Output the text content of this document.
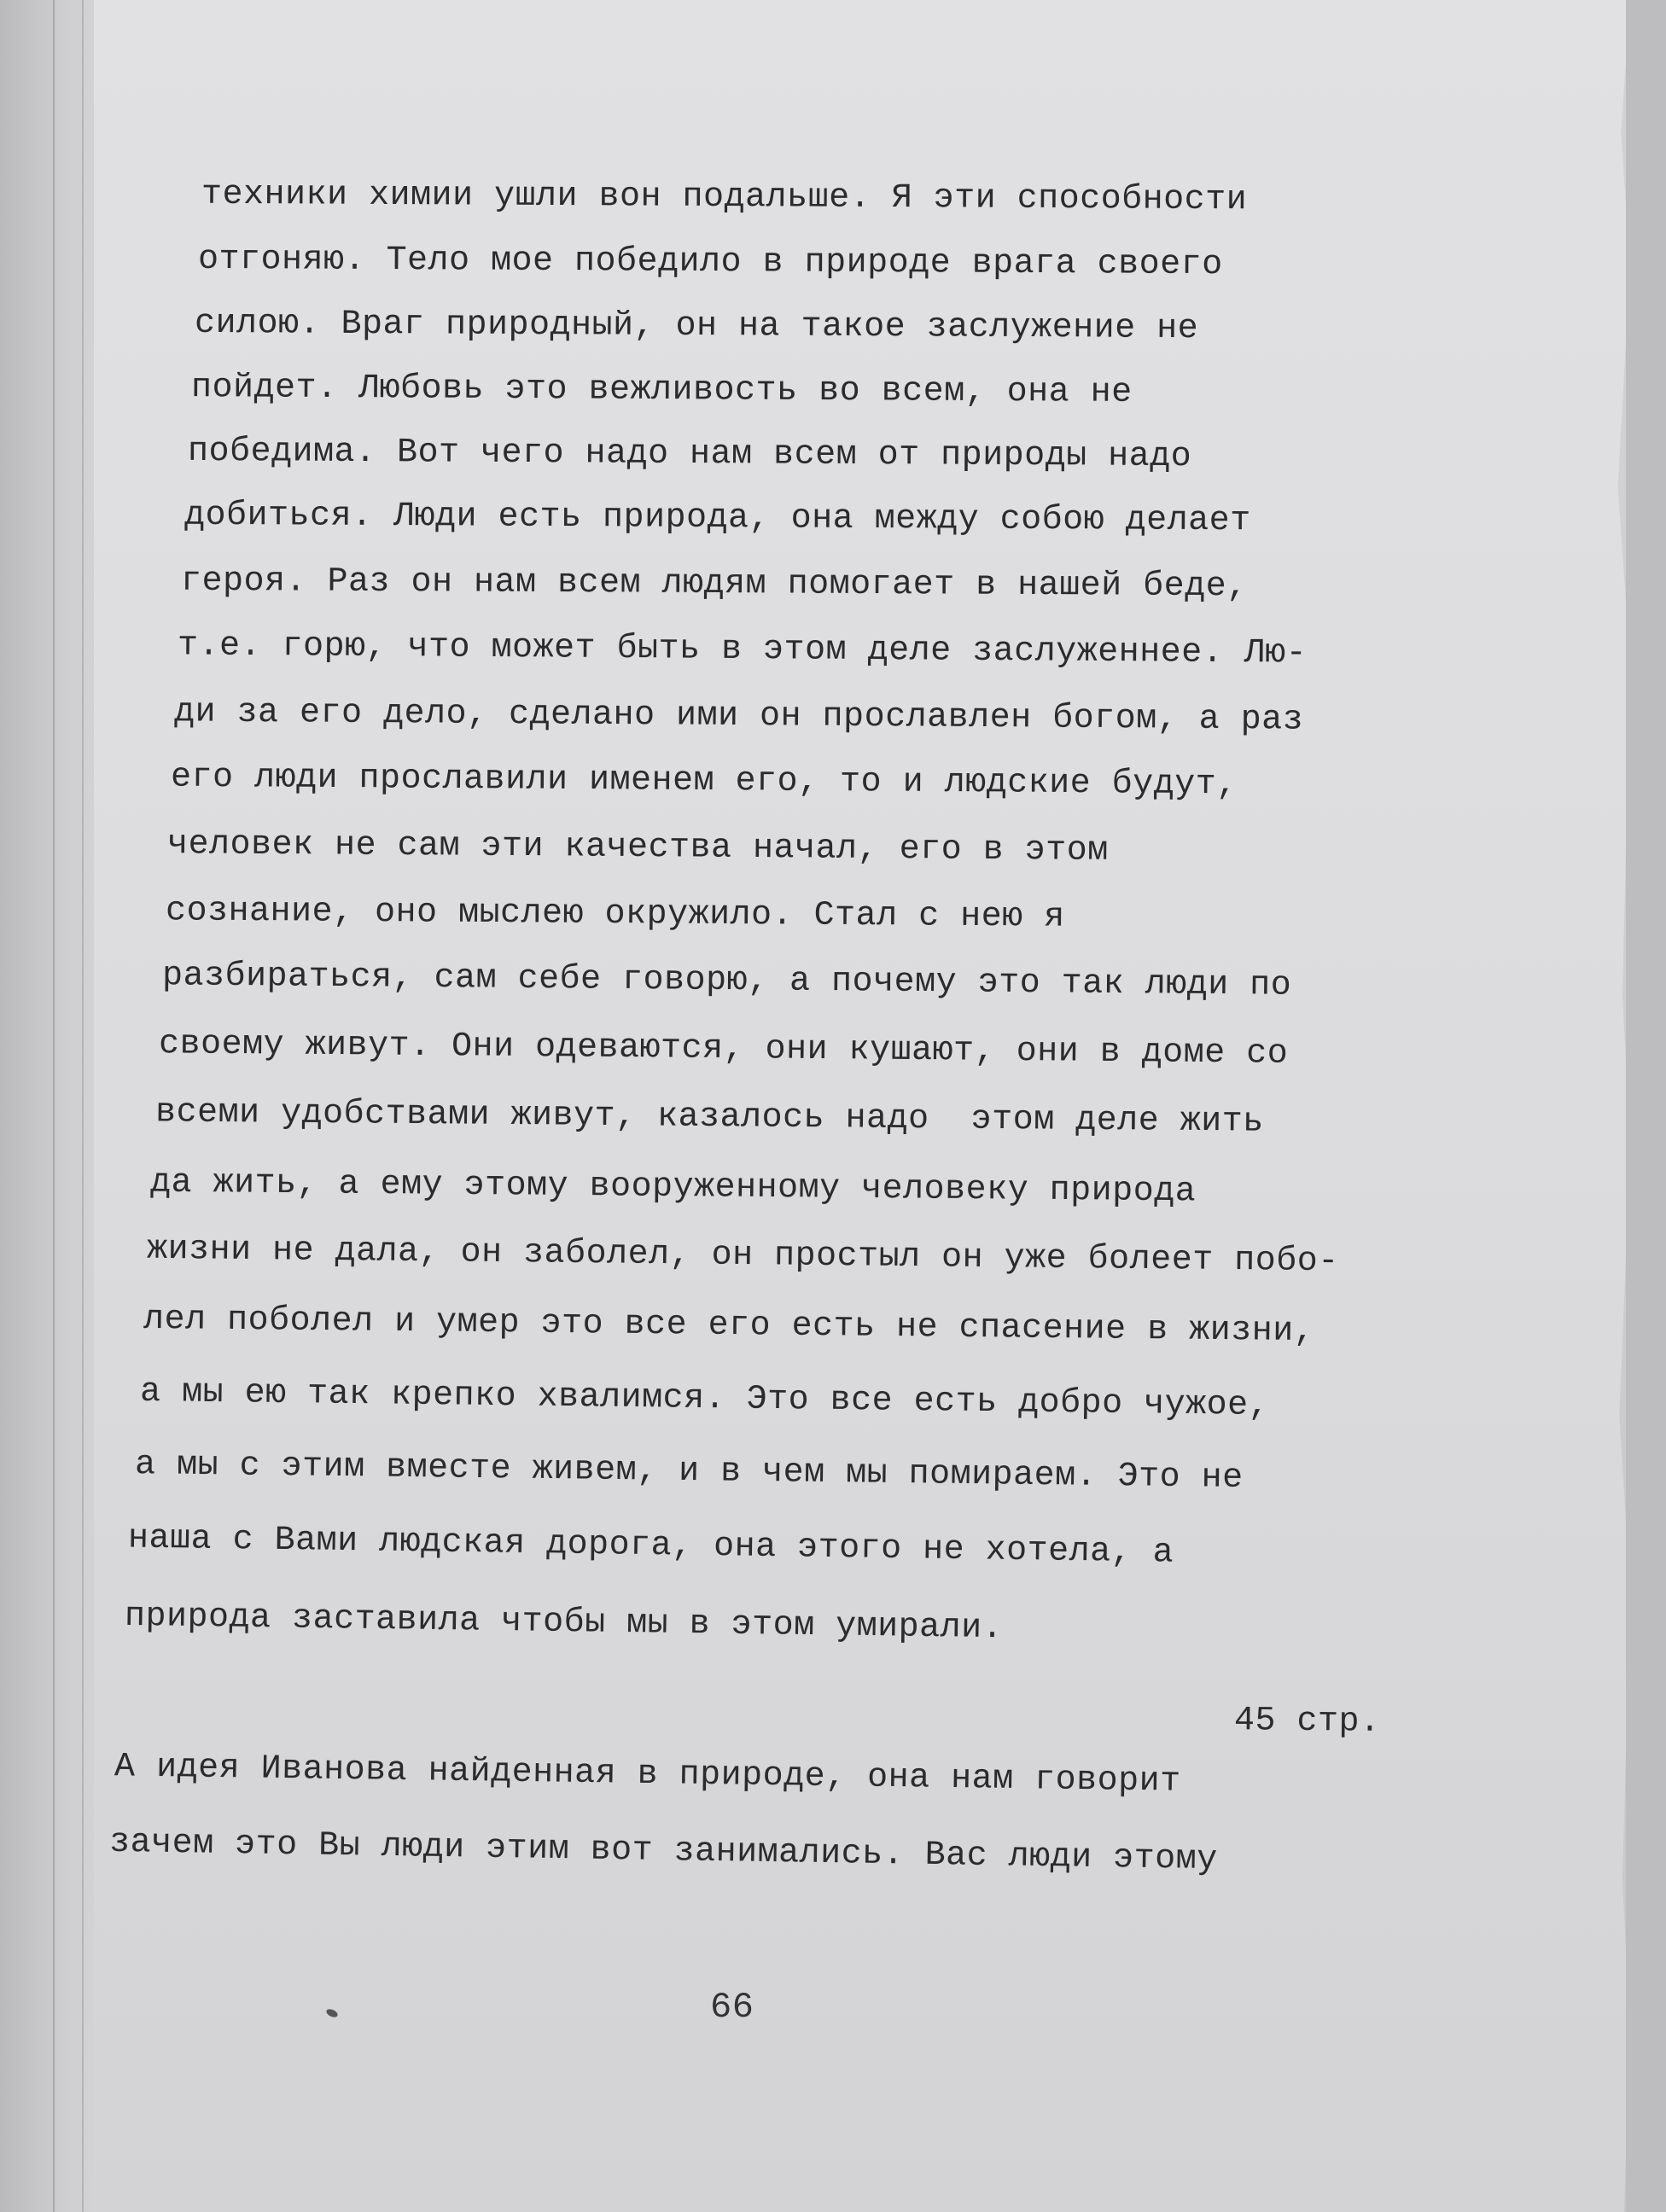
техники химии ушли вон подальше. Я эти способности
отгоняю. Тело мое победило в природе врага своего
силою. Враг природный, он на такое заслужение не
пойдет. Любовь это вежливость во всем, она не
победима. Вот чего надо нам всем от природы надо
добиться. Люди есть природа, она между собою делает
героя. Раз он нам всем людям помогает в нашей беде,
т.е. горю, что может быть в этом деле заслуженнее. Лю-
ди за его дело, сделано ими он прославлен богом, а раз
его люди прославили именем его, то и людские будут,
человек не сам эти качества начал, его в этом
сознание, оно мыслею окружило. Стал с нею я
разбираться, сам себе говорю, а почему это так люди по
своему живут. Они одеваются, они кушают, они в доме со
всеми удобствами живут, казалось надо  этом деле жить
да жить, а ему этому вооруженному человеку природа
жизни не дала, он заболел, он простыл он уже болеет побо-
лел поболел и умер это все его есть не спасение в жизни,
а мы ею так крепко хвалимся. Это все есть добро чужое,
а мы с этим вместе живем, и в чем мы помираем. Это не
наша с Вами людская дорога, она этого не хотела, а
природа заставила чтобы мы в этом умирали.
45 стр.
А идея Иванова найденная в природе, она нам говорит
зачем это Вы люди этим вот занимались. Вас люди этому
66
